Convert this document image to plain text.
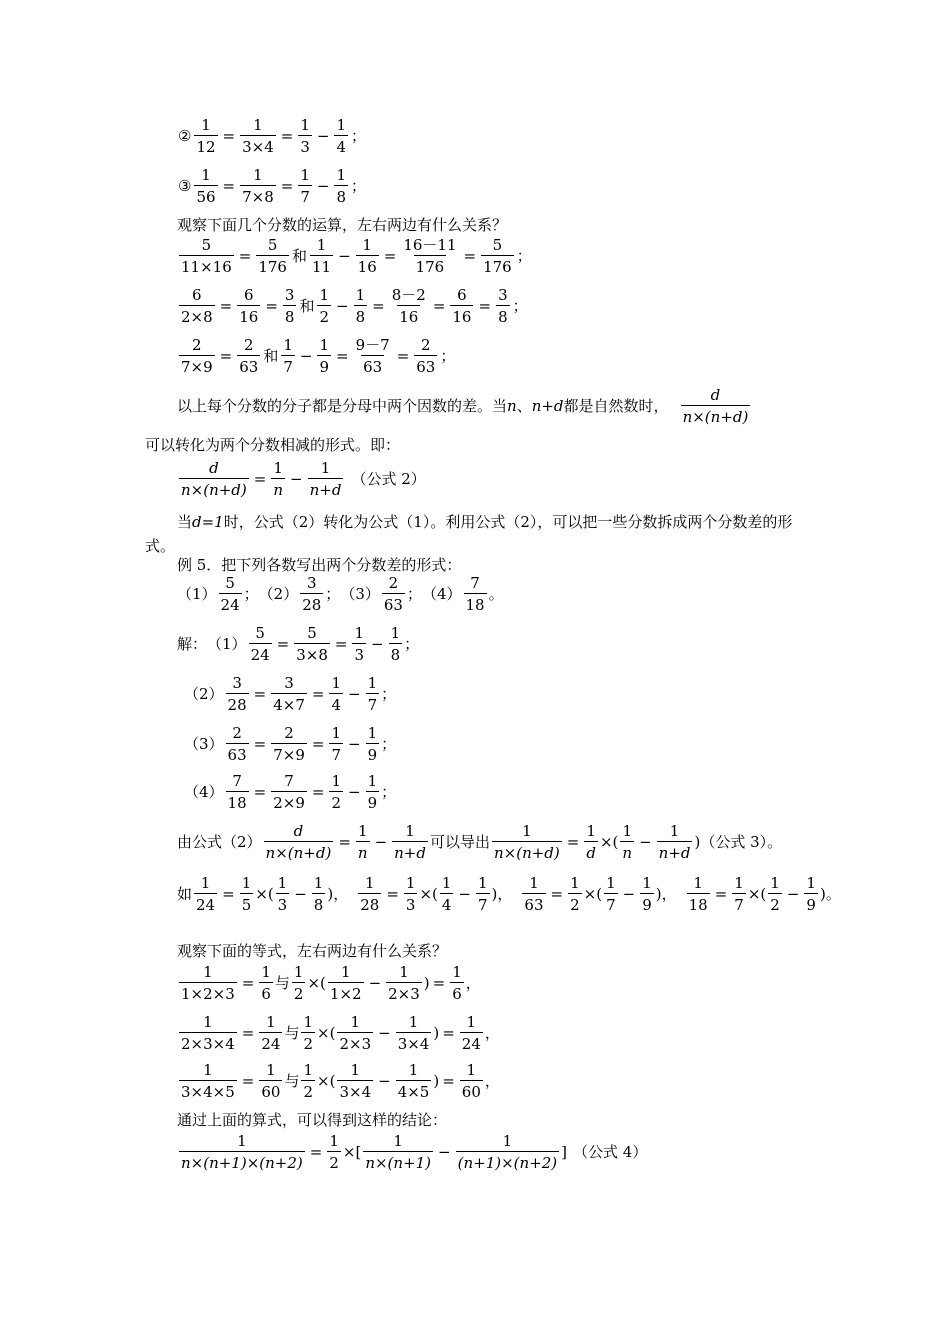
② $\frac{1}{12} = \frac{1}{3\times 4} = \frac{1}{3} - \frac{1}{4}$ ；
③ $\frac{1}{56} = \frac{1}{7\times 8} = \frac{1}{7} - \frac{1}{8}$ ；
观察下面几个分数的运算，左右两边有什么关系？
$\frac{5}{11\times 16} = \frac{5}{176}$ 和
1
11
− $\frac{1}{16} = \frac{16-11}{176} = \frac{5}{176}$ ；
$\frac{6}{2\times 8} = \frac{6}{16} = \frac{3}{8}$ 和
1
2
− $\frac{1}{8} = \frac{8-2}{16} = \frac{6}{16} = \frac{3}{8}$ ；
$\frac{2}{7\times 9} = \frac{2}{63}$ 和
1
7
− $\frac{1}{9} = \frac{9-7}{63} = \frac{2}{63}$ ；
以上每个分数的分子都是分母中两个因数的差。当 n 、 n+d 都是自然数时，
d
n×(n+d)
可以转化为两个分数相减的形式。即：
$\frac{d}{n\times(n+d)} = \frac{1}{n} - \frac{1}{n+d}$ （公式 2）
当d=1时，公式（2）转化为公式（1）。利用公式（2），可以把一些分数拆成两个分数差的形式。
例 5．把下列各数写出两个分数差的形式：
（1）
5
24
； （2）
3
28
； （3）
2
63
； （4）
7
18
。
解： $(1) \frac{5}{24} = \frac{5}{3\times 8} = \frac{1}{3} - \frac{1}{8}$ ；
$(2) \frac{3}{28} = \frac{3}{4\times 7} = \frac{1}{4} - \frac{1}{7}$ ；
$(3) \frac{2}{63} = \frac{2}{7\times 9} = \frac{1}{7} - \frac{1}{9}$ ；
$(4) \frac{7}{18} = \frac{7}{2\times 9} = \frac{1}{2} - \frac{1}{9}$ ；
由公式$(2) \frac{d}{n\times(n+d)} = \frac{1}{n} - \frac{1}{n+d}$ 可以导出 $\frac{1}{n\times(n+d)} = \frac{1}{d}$ × (
1
n
− $\frac{1}{n+d}$ ) （公式 3）。
如 $\frac{1}{24} = \frac{1}{5}$ × (
1
3
− $\frac{1}{8}$ ) ， $\frac{1}{28} = \frac{1}{3}$ × (
1
4
− $\frac{1}{7}$ ) ， $\frac{1}{63} = \frac{1}{2}$ × (
1
7
− $\frac{1}{9}$ ) ， $\frac{1}{18} = \frac{1}{7}$ × (
1
2
− $\frac{1}{9}$ ) 。
观察下面的等式，左右两边有什么关系？
$\frac{1}{1\times 2\times 3} = \frac{1}{6}$ 与 $\frac{1}{2}$ × (
1
1×2
− $\frac{1}{2\times 3}$ ) = $\frac{1}{6}$ ，
$\frac{1}{2\times 3\times 4} = \frac{1}{24}$ 与 $\frac{1}{2}$ × (
1
2×3
− $\frac{1}{3\times 4}$ ) = $\frac{1}{24}$ ，
$\frac{1}{3\times 4\times 5} = \frac{1}{60}$ 与 $\frac{1}{2}$ × (
1
3×4
− $\frac{1}{4\times 5}$ ) = $\frac{1}{60}$ ，
通过上面的算式，可以得到这样的结论：
$\frac{1}{n\times(n+1)\times(n+2)} = \frac{1}{2}$ × [
1
n×(n+1)
− $\frac{1}{(n+1)\times(n+2)}$ ] （公式 4）
